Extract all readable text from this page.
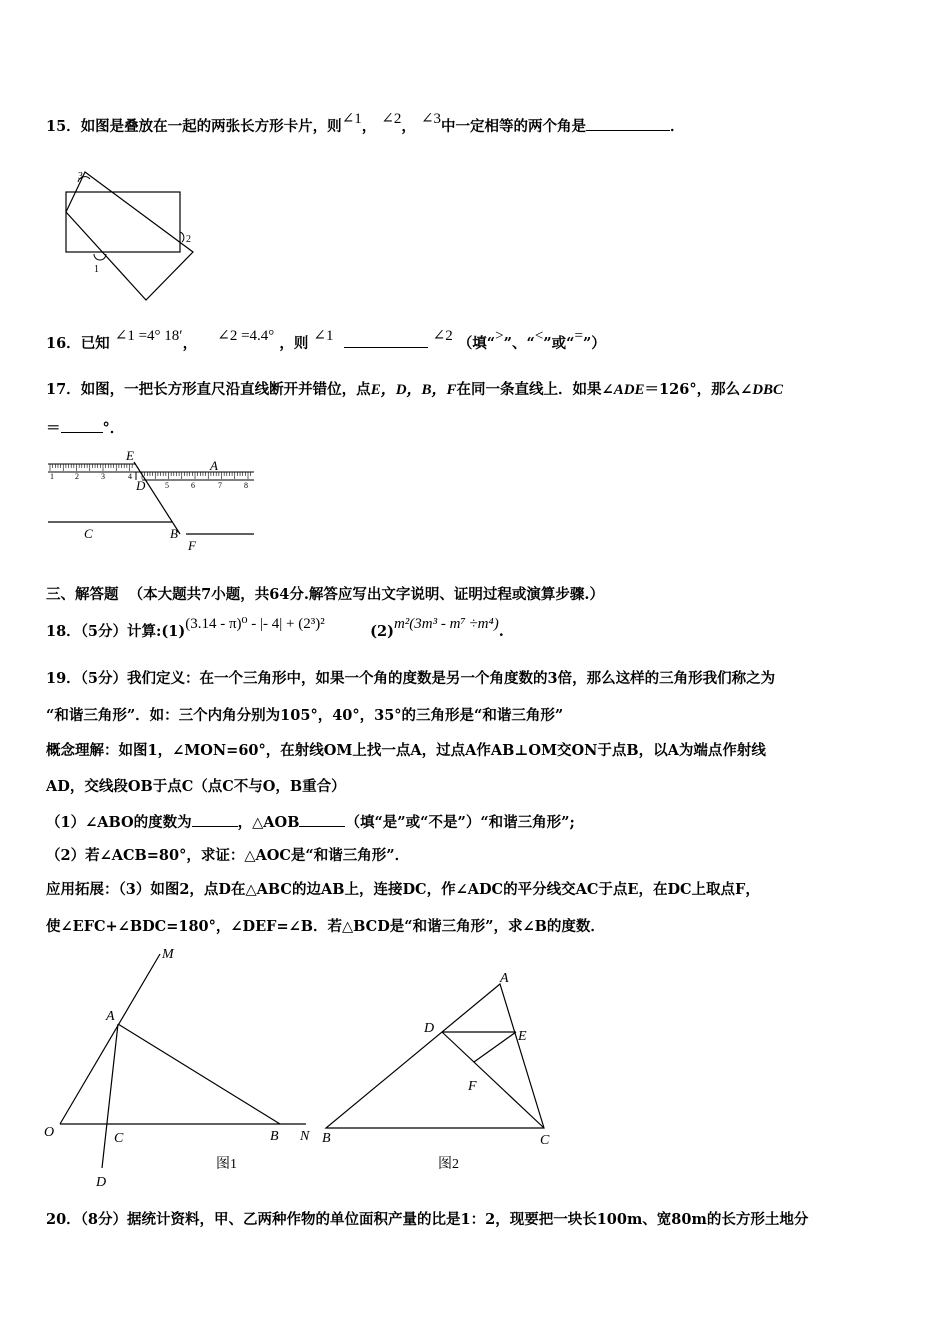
15．如图是叠放在一起的两张长方形卡片，则∠1， ∠2， ∠3中一定相等的两个角是	．
3
2
1
16．已知 ∠1 =4° 18′， ∠2 =4.4° ，则 ∠1	∠2 （填“>”、“<”或“=”）
17．如图，一把长方形直尺沿直线断开并错位，点E，D，B，F在同一条直线上．如果∠ADE＝126°，那么∠DBC
＝	°．
1	2	3	4
5	6	7	8
E
A
D
C	B
F
三、解答题 （本大题共7小题，共64分.解答应写出文字说明、证明过程或演算步骤.）
18．（5分）计算:(1)(3.14 - π)⁰ - |- 4| + (2³)²	(2)m²(3m³ - m⁷ ÷m⁴).
19．（5分）我们定义：在一个三角形中，如果一个角的度数是另一个角度数的3倍，那么这样的三角形我们称之为
“和谐三角形”．如：三个内角分别为105°，40°，35°的三角形是“和谐三角形”
概念理解：如图1，∠MON=60°，在射线OM上找一点A，过点A作AB⊥OM交ON于点B，以A为端点作射线
AD，交线段OB于点C（点C不与O，B重合）
（1）∠ABO的度数为	，△AOB	（填“是”或“不是”）“和谐三角形”;
（2）若∠ACB=80°，求证：△AOC是“和谐三角形”．
应用拓展：（3）如图2，点D在△ABC的边AB上，连接DC，作∠ADC的平分线交AC于点E，在DC上取点F，
使∠EFC+∠BDC=180°，∠DEF=∠B．若△BCD是“和谐三角形”，求∠B的度数．
M
A
O	C	B N
D
图1
A
D
E
F
B	C
图2
20．（8分）据统计资料，甲、乙两种作物的单位面积产量的比是1：2，现要把一块长100m、宽80m的长方形土地分
